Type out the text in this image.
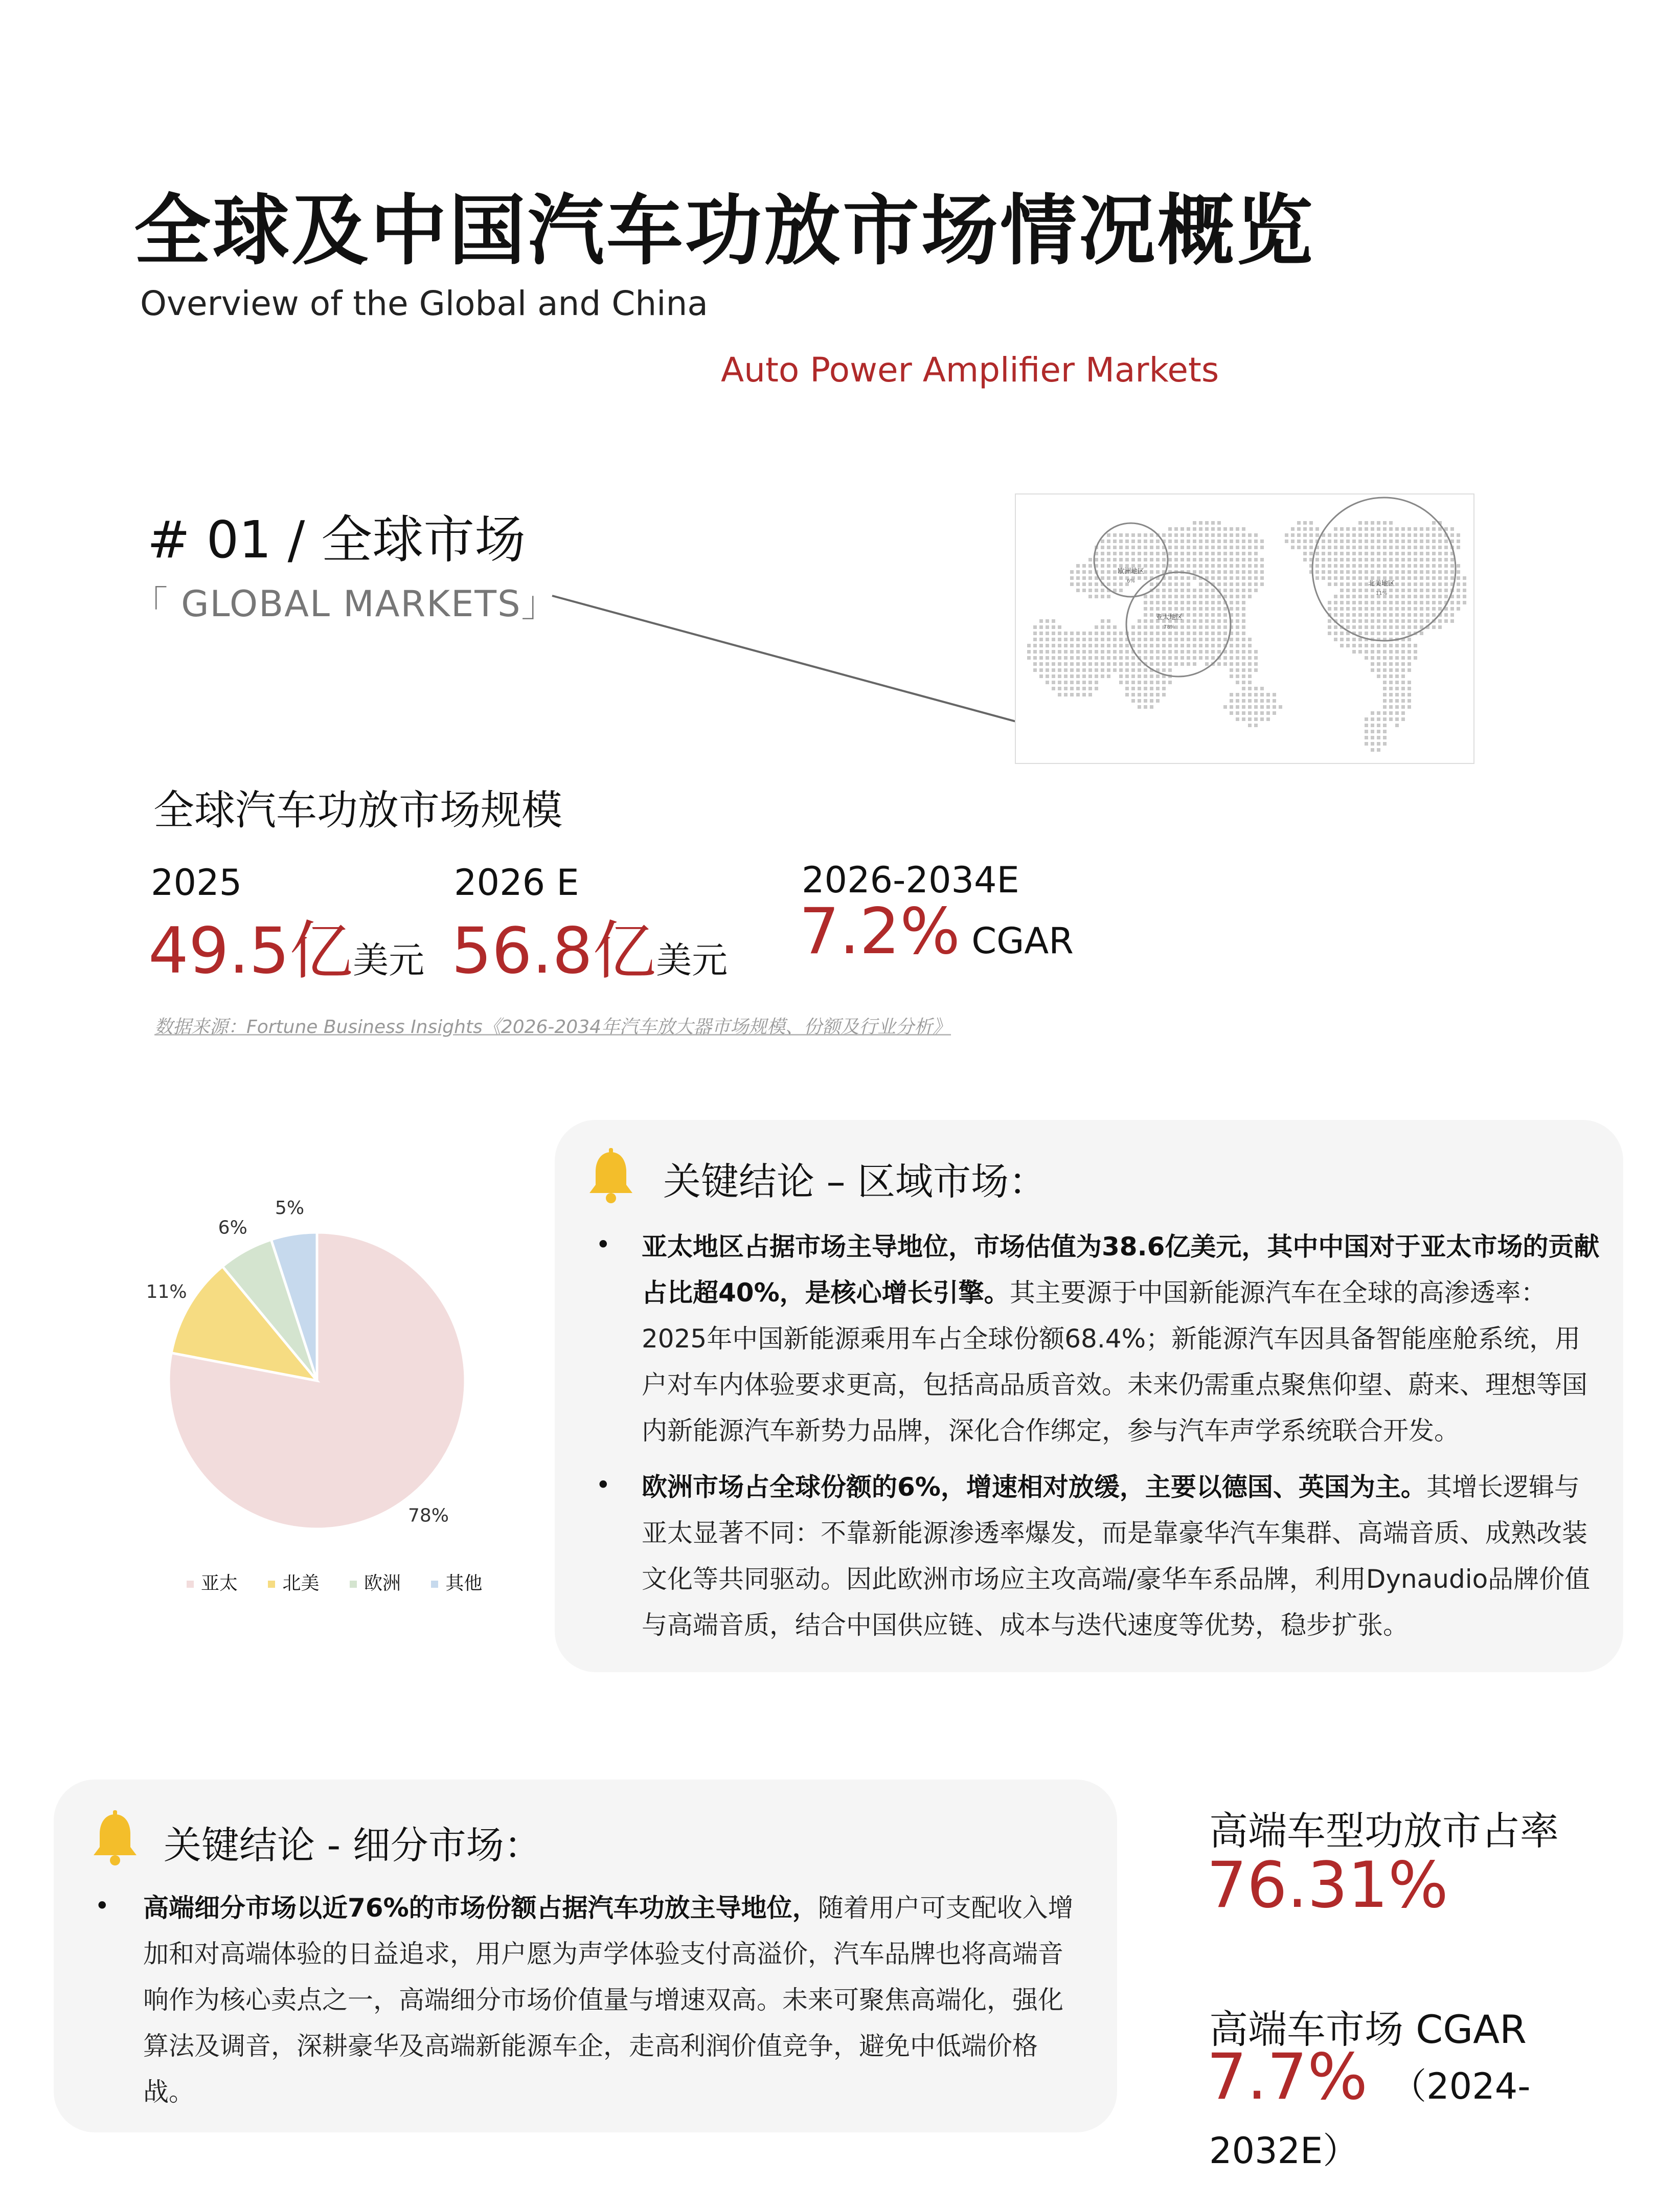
全球及中国汽车功放市场情况概览
Overview of the Global and China
Auto Power Amplifier Markets
# 01 / 全球市场
「 GLOBAL MARKETS」
欧洲地区
6%
亚太地区
78%
北美地区
11%
全球汽车功放市场规模
2025
49.5亿美元
2026 E
56.8亿美元
2026-2034E
7.2% CGAR
数据来源：Fortune Business Insights《2026-2034年汽车放大器市场规模、份额及行业分析》
78%
11%
6%
5%
亚太 北美 欧洲 其他
关键结论 – 区域市场：
• 亚太地区占据市场主导地位，市场估值为38.6亿美元，其中中国对于亚太市场的贡献占比超40%，是核心增长引擎。其主要源于中国新能源汽车在全球的高渗透率：2025年中国新能源乘用车占全球份额68.4%；新能源汽车因具备智能座舱系统，用户对车内体验要求更高，包括高品质音效。未来仍需重点聚焦仰望、蔚来、理想等国内新能源汽车新势力品牌，深化合作绑定，参与汽车声学系统联合开发。
• 欧洲市场占全球份额的6%，增速相对放缓，主要以德国、英国为主。其增长逻辑与亚太显著不同：不靠新能源渗透率爆发，而是靠豪华汽车集群、高端音质、成熟改装文化等共同驱动。因此欧洲市场应主攻高端/豪华车系品牌，利用Dynaudio品牌价值与高端音质，结合中国供应链、成本与迭代速度等优势，稳步扩张。
关键结论 - 细分市场：
• 高端细分市场以近76%的市场份额占据汽车功放主导地位，随着用户可支配收入增加和对高端体验的日益追求，用户愿为声学体验支付高溢价，汽车品牌也将高端音响作为核心卖点之一，高端细分市场价值量与增速双高。未来可聚焦高端化，强化算法及调音，深耕豪华及高端新能源车企，走高利润价值竞争，避免中低端价格战。
高端车型功放市占率
76.31%
高端车市场 CGAR
7.7% （2024-
2032E）
